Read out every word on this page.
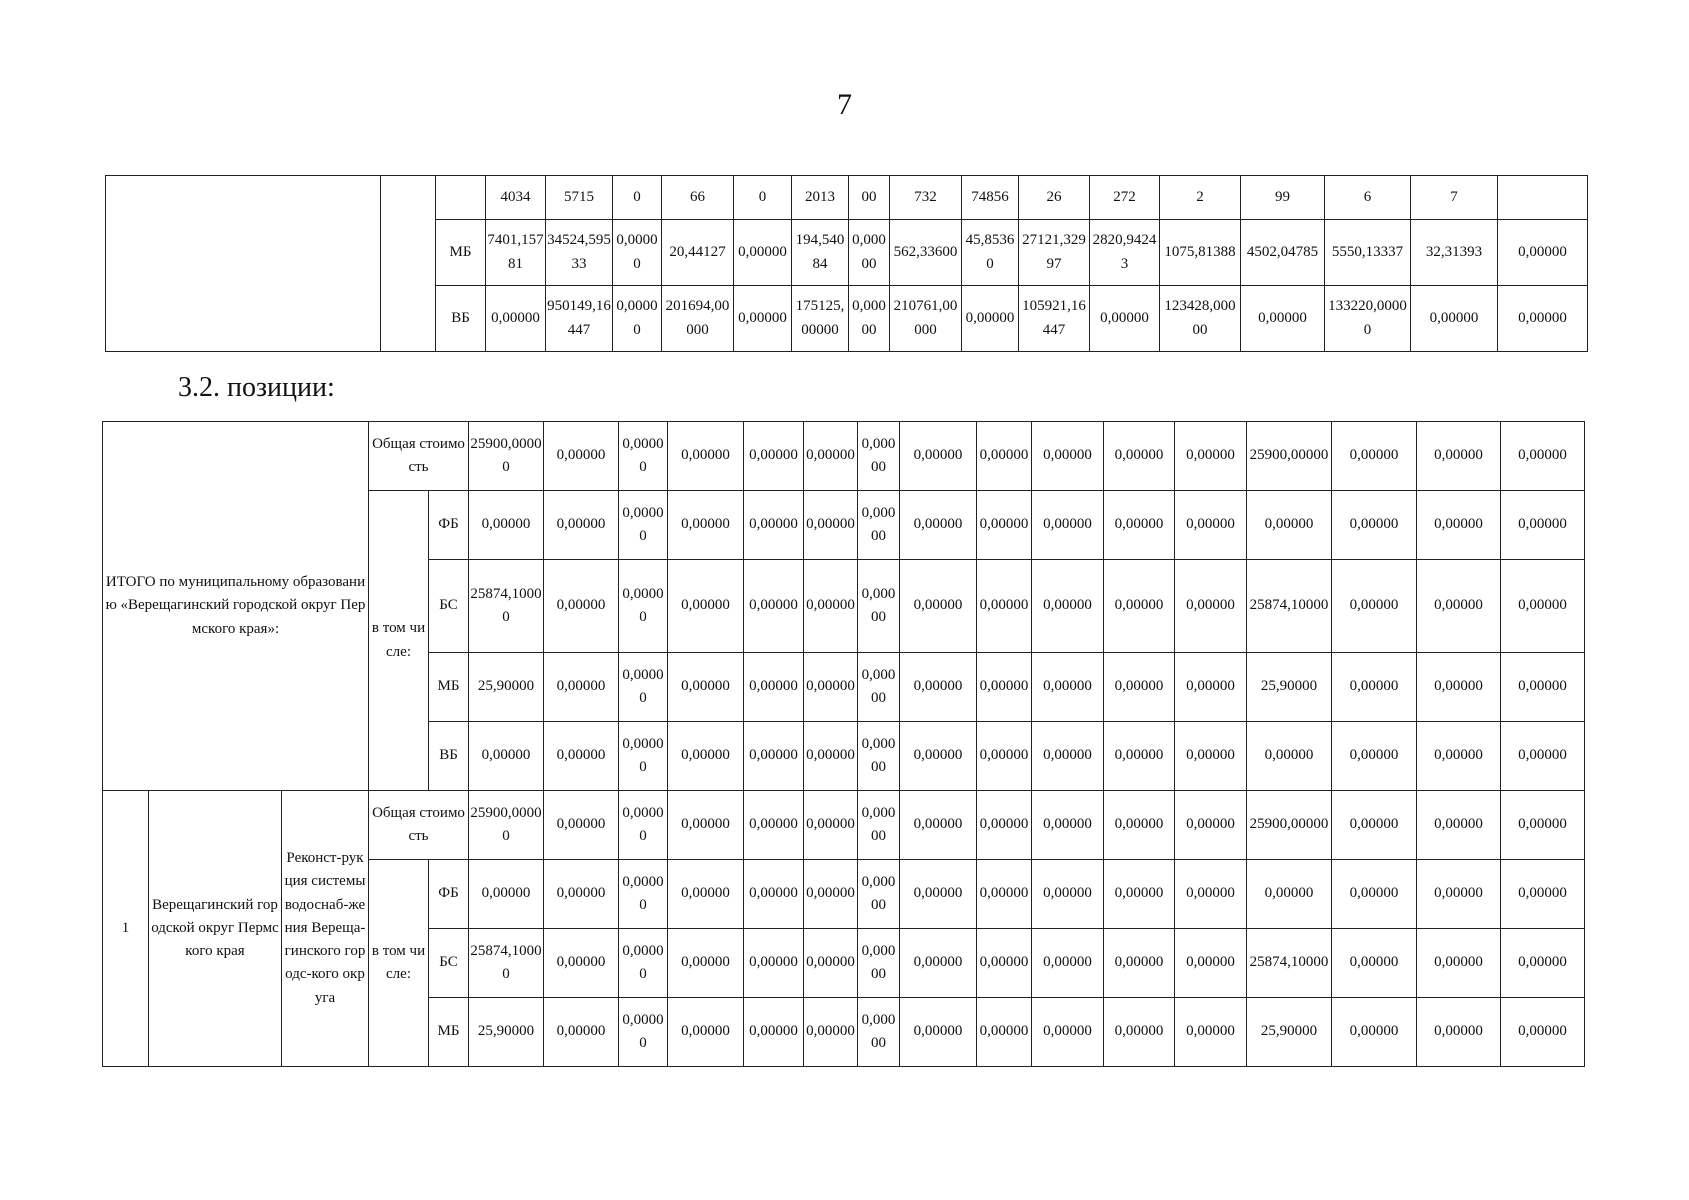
7
			4034	5715	0	66	0	2013	00	732	74856	26	272	2	99	6	7	
		МБ	7401,15781	34524,59533	0,00000	20,44127	0,00000	194,54084	0,00000	562,33600	45,85360	27121,32997	2820,94243	1075,81388	4502,04785	5550,13337	32,31393	0,00000
		ВБ	0,00000	950149,16447	0,00000	201694,00000	0,00000	175125,00000	0,00000	210761,00000	0,00000	105921,16447	0,00000	123428,00000	0,00000	133220,00000	0,00000	0,00000
3.2. позиции:
ИТОГО по муниципальному образованию «Верещагинский городской округ Пермского края»:			Общая стоимость		25900,00000	0,00000	0,00000	0,00000	0,00000	0,00000	0,00000	0,00000	0,00000	0,00000	0,00000	0,00000	25900,00000	0,00000	0,00000	0,00000
			в том числе:	ФБ	0,00000	0,00000	0,00000	0,00000	0,00000	0,00000	0,00000	0,00000	0,00000	0,00000	0,00000	0,00000	0,00000	0,00000	0,00000	0,00000
				БС	25874,10000	0,00000	0,00000	0,00000	0,00000	0,00000	0,00000	0,00000	0,00000	0,00000	0,00000	0,00000	25874,10000	0,00000	0,00000	0,00000
				МБ	25,90000	0,00000	0,00000	0,00000	0,00000	0,00000	0,00000	0,00000	0,00000	0,00000	0,00000	0,00000	25,90000	0,00000	0,00000	0,00000
				ВБ	0,00000	0,00000	0,00000	0,00000	0,00000	0,00000	0,00000	0,00000	0,00000	0,00000	0,00000	0,00000	0,00000	0,00000	0,00000	0,00000
1	Верещагинский городской округ Пермского края	Реконст-рукция системы водоснаб-жения Вереща-гинского городс-кого округа	Общая стоимость		25900,00000	0,00000	0,00000	0,00000	0,00000	0,00000	0,00000	0,00000	0,00000	0,00000	0,00000	0,00000	25900,00000	0,00000	0,00000	0,00000
			в том числе:	ФБ	0,00000	0,00000	0,00000	0,00000	0,00000	0,00000	0,00000	0,00000	0,00000	0,00000	0,00000	0,00000	0,00000	0,00000	0,00000	0,00000
				БС	25874,10000	0,00000	0,00000	0,00000	0,00000	0,00000	0,00000	0,00000	0,00000	0,00000	0,00000	0,00000	25874,10000	0,00000	0,00000	0,00000
				МБ	25,90000	0,00000	0,00000	0,00000	0,00000	0,00000	0,00000	0,00000	0,00000	0,00000	0,00000	0,00000	25,90000	0,00000	0,00000	0,00000
